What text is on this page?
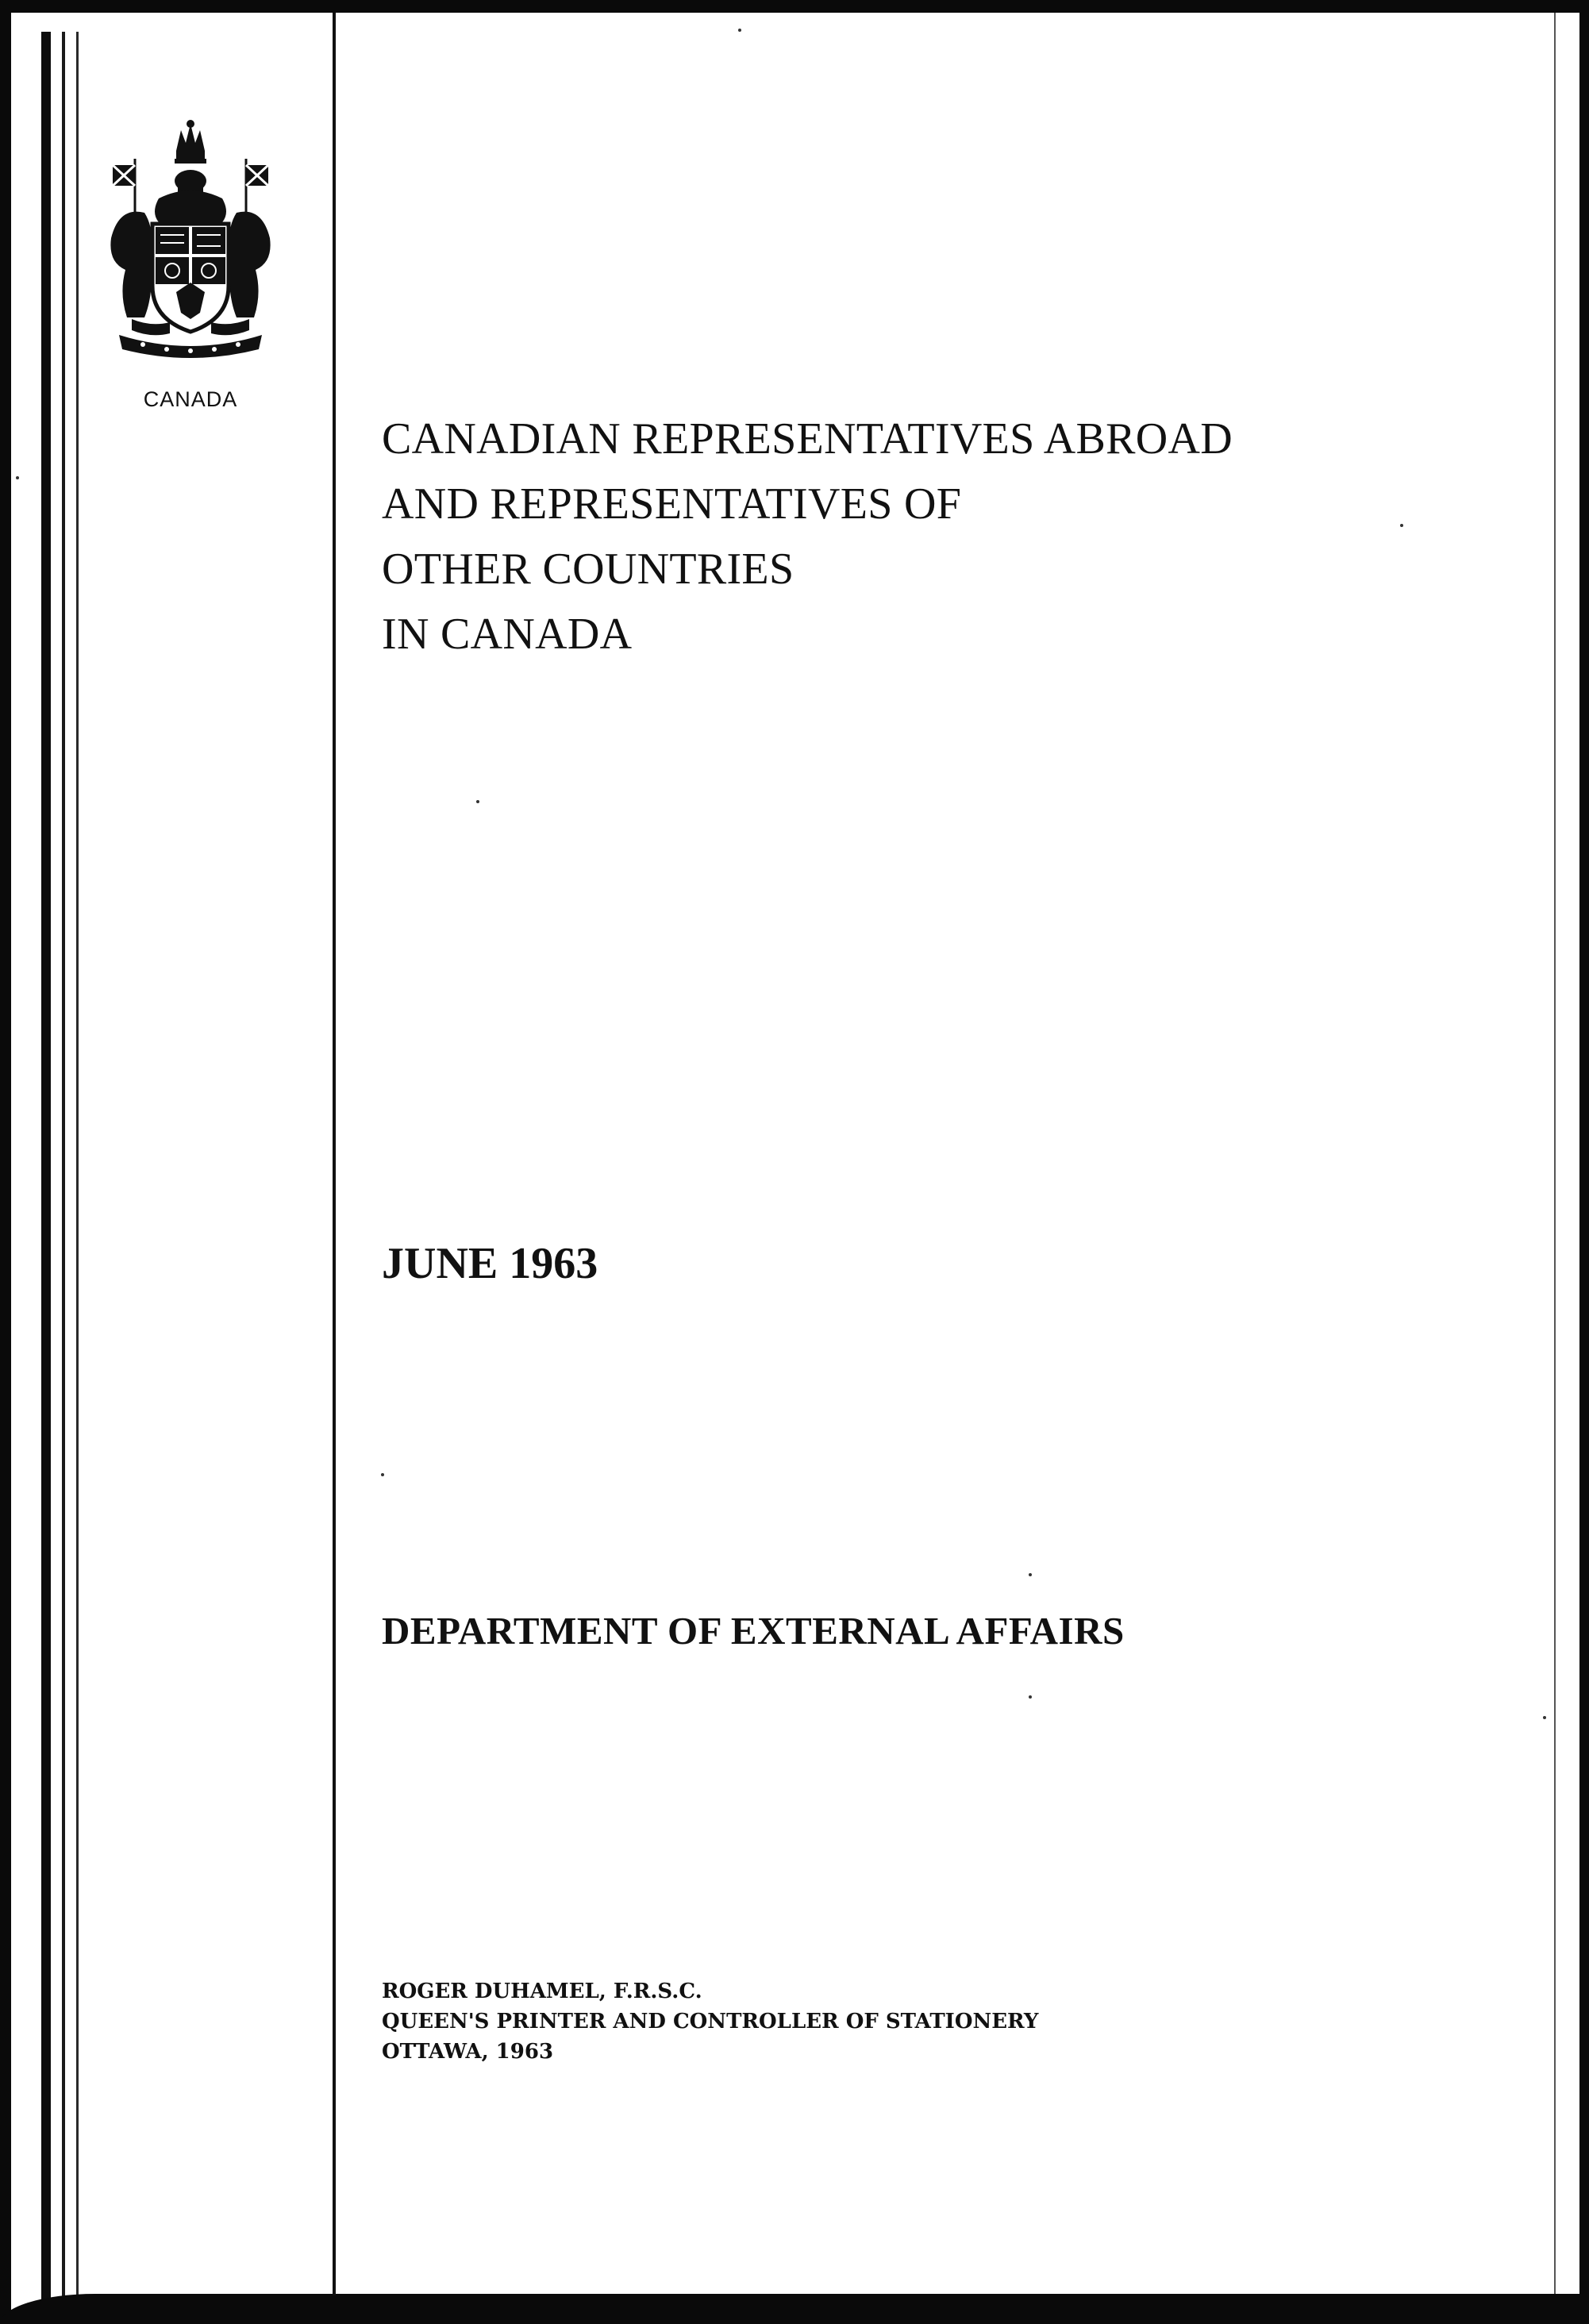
CANADA
CANADIAN REPRESENTATIVES ABROAD
AND REPRESENTATIVES OF
OTHER COUNTRIES
IN CANADA
JUNE 1963
DEPARTMENT OF EXTERNAL AFFAIRS
ROGER DUHAMEL, F.R.S.C.
QUEEN'S PRINTER AND CONTROLLER OF STATIONERY
OTTAWA, 1963
